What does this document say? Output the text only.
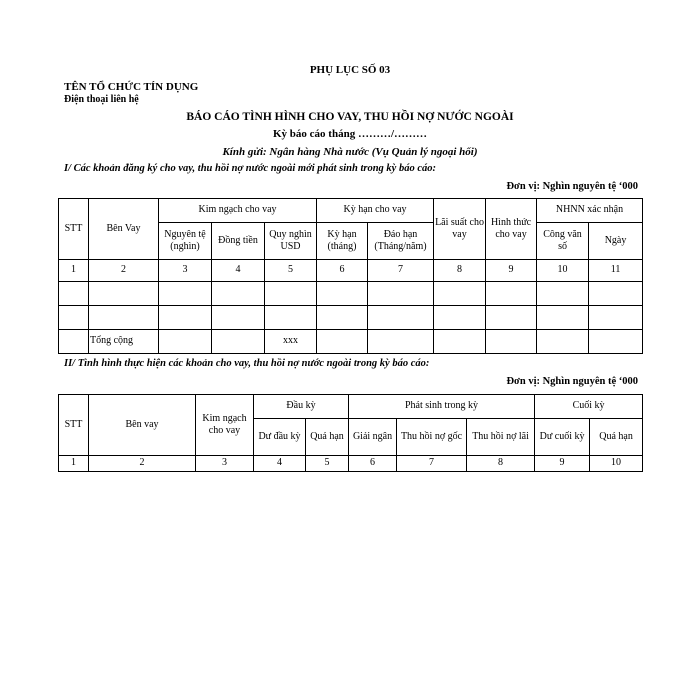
PHỤ LỤC SỐ 03
TÊN TỔ CHỨC TÍN DỤNG
Điện thoại liên hệ
BÁO CÁO TÌNH HÌNH CHO VAY, THU HỒI NỢ NƯỚC NGOÀI
Kỳ báo cáo tháng ………/………
Kính gửi: Ngân hàng Nhà nước (Vụ Quản lý ngoại hối)
I/ Các khoản đăng ký cho vay, thu hồi nợ nước ngoài mới phát sinh trong kỳ báo cáo:
Đơn vị: Nghìn nguyên tệ ‘000
STT	Bên Vay	Kim ngạch cho vay			Kỳ hạn cho vay		Lãi suất cho vay	Hình thức cho vay	NHNN xác nhận	
		Nguyên tệ (nghìn)	Đồng tiền	Quy nghìn USD	Kỳ hạn (tháng)	Đáo hạn (Tháng/năm)			Công văn số	Ngày
1	2	3	4	5	6	7	8	9	10	11

	Tổng cộng			xxx						
II/ Tình hình thực hiện các khoản cho vay, thu hồi nợ nước ngoài trong kỳ báo cáo:
Đơn vị: Nghìn nguyên tệ ‘000
STT	Bên vay	Kim ngạch cho vay	Đầu kỳ		Phát sinh trong kỳ			Cuối kỳ	
			Dư đầu kỳ	Quá hạn	Giải ngân	Thu hồi nợ gốc	Thu hồi nợ lãi	Dư cuối kỳ	Quá hạn
1	2	3	4	5	6	7	8	9	10
